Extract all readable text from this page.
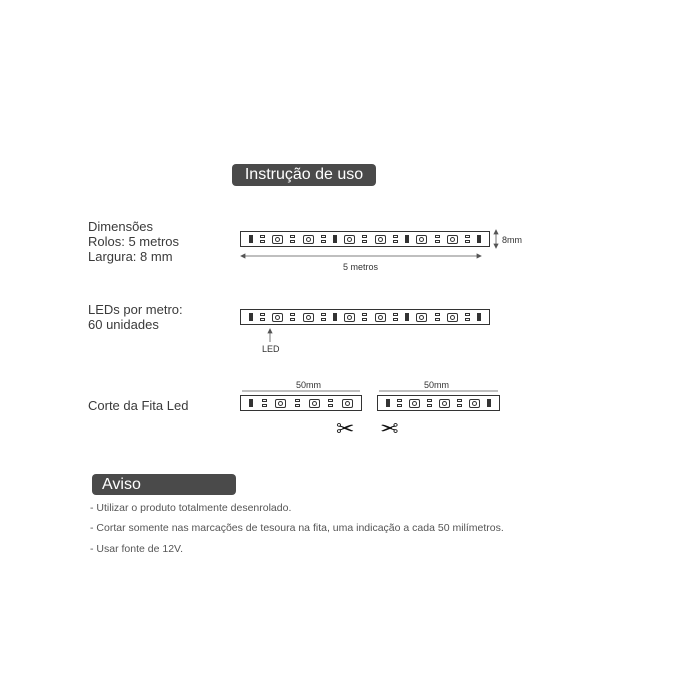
Instrução de uso
Dimensões
Rolos: 5 metros
Largura: 8 mm
8mm
5 metros
LEDs por metro:
60 unidades
LED
Corte da Fita Led
50mm	50mm
✂ ✂
Aviso
- Utilizar o produto totalmente desenrolado.
- Cortar somente nas marcações de tesoura na fita, uma indicação a cada 50 milímetros.
- Usar fonte de 12V.
